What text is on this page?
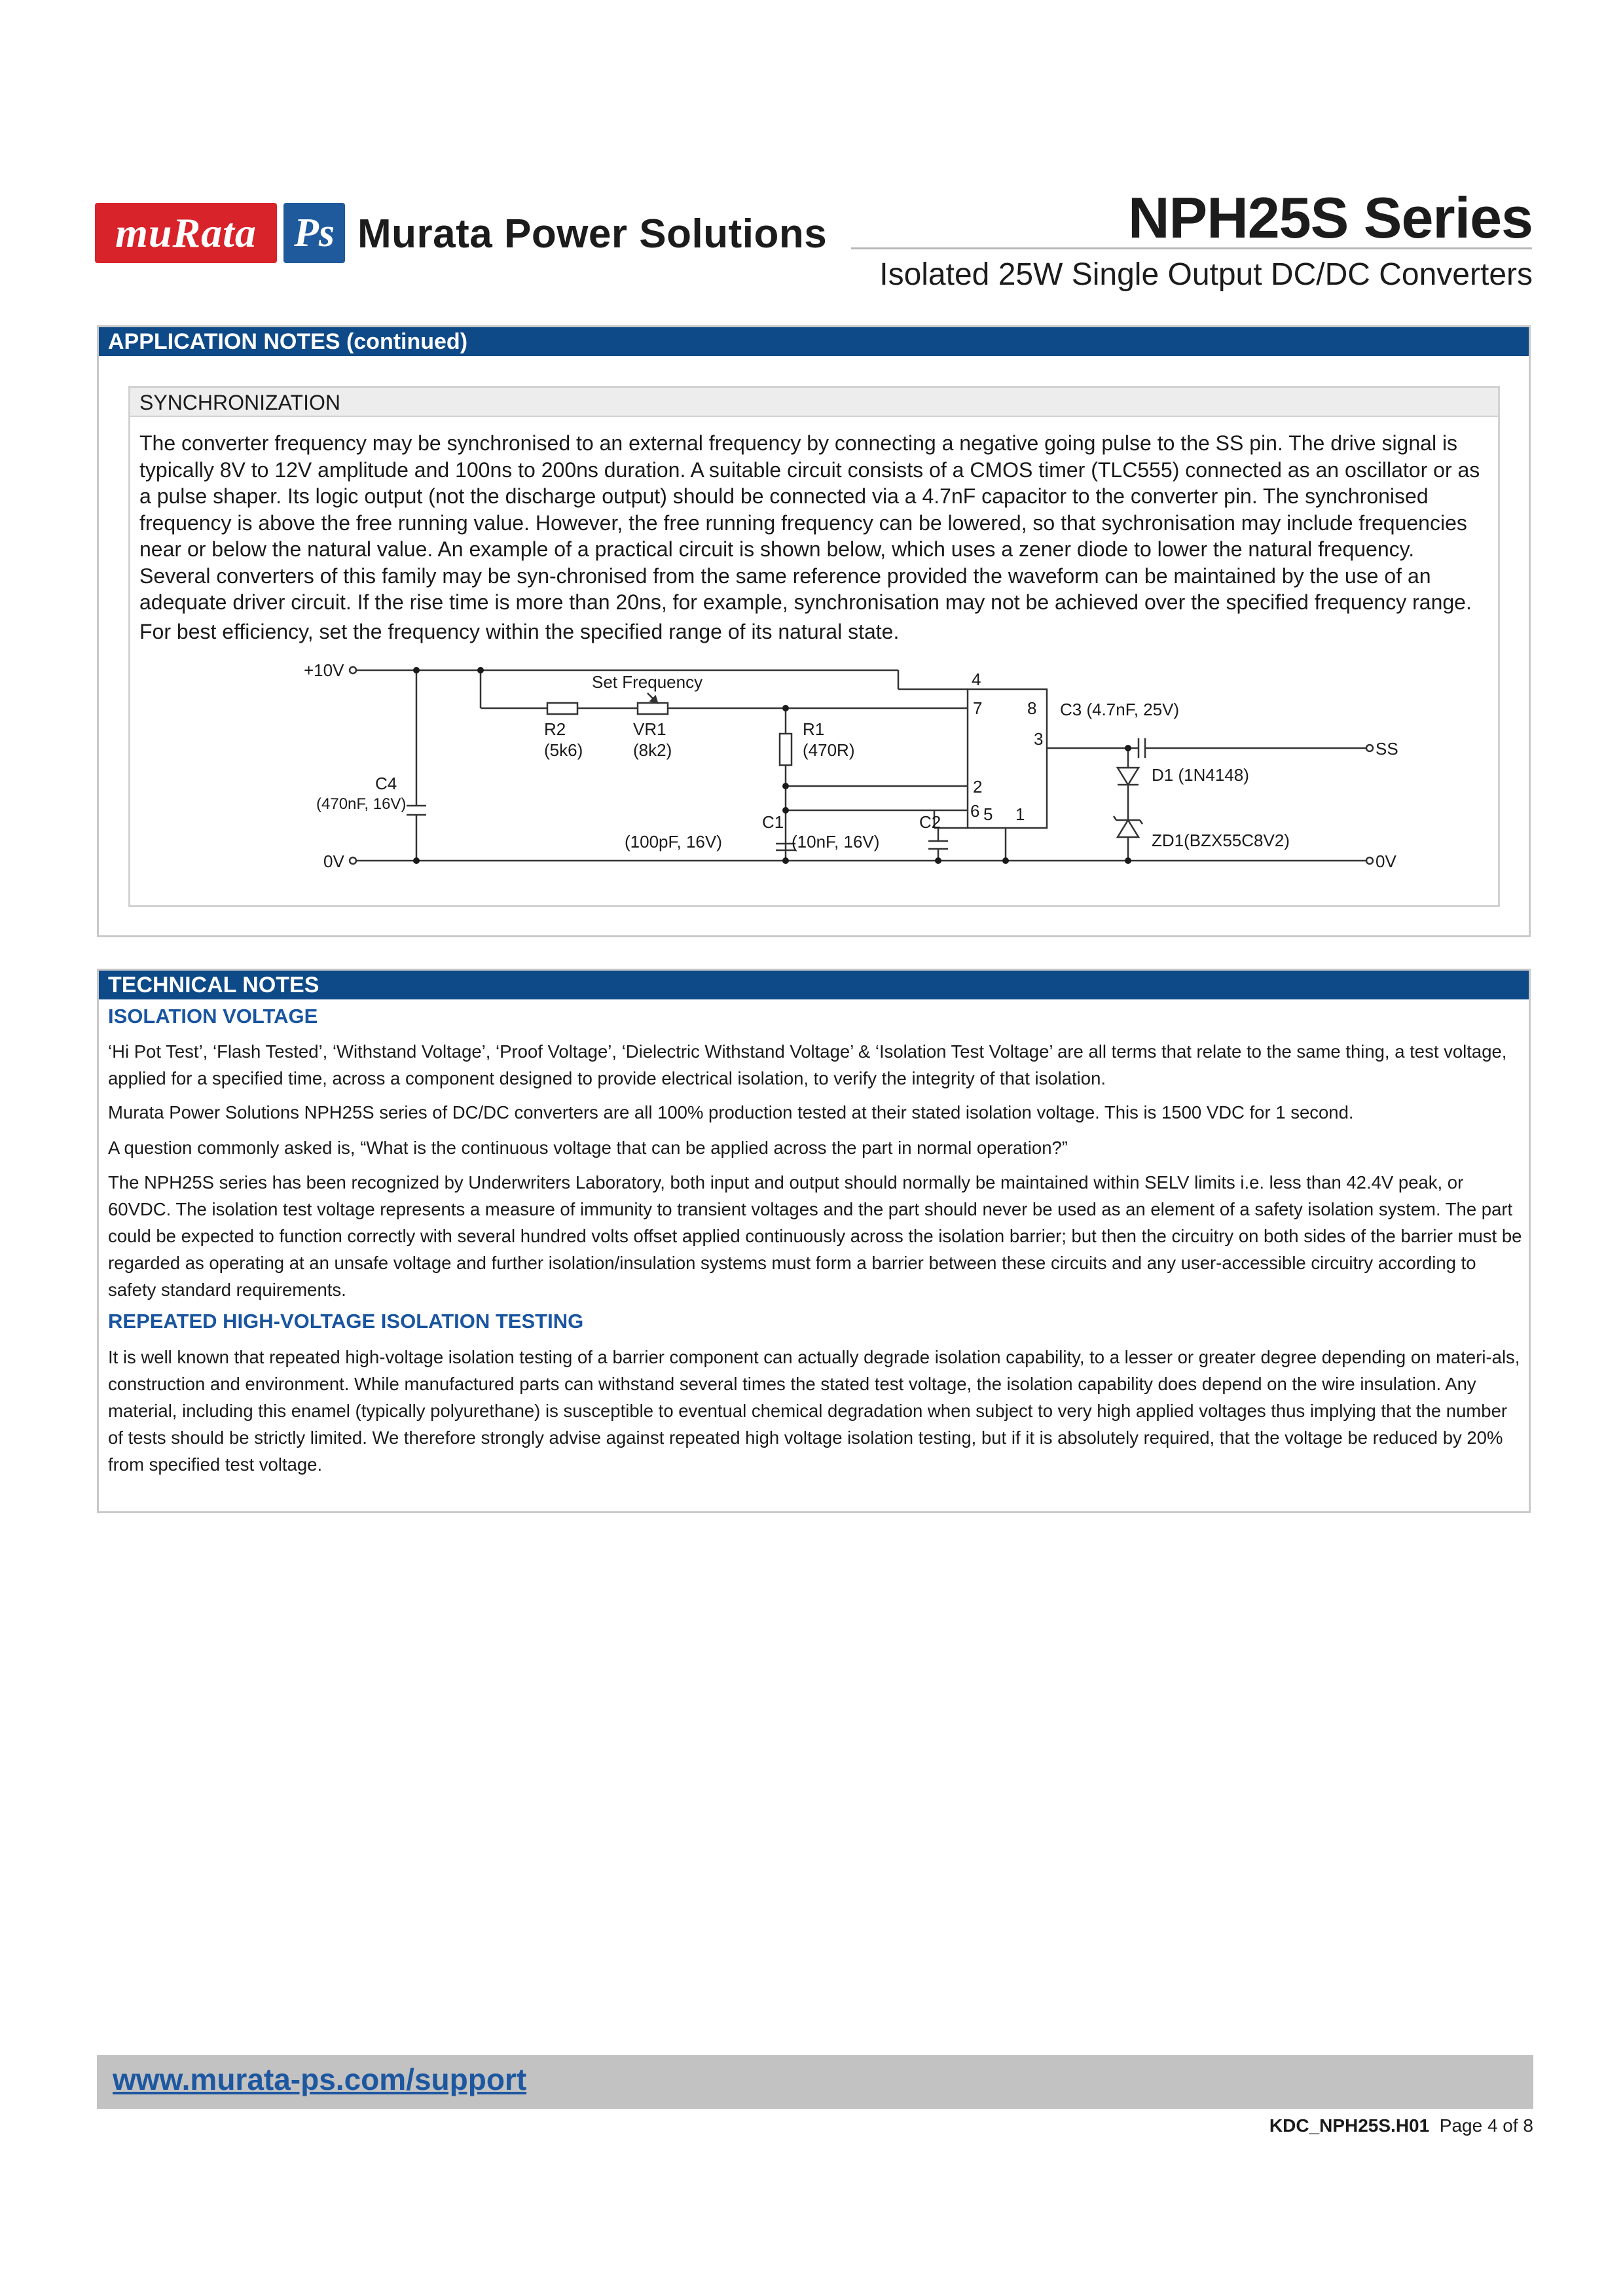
muRata Ps Murata Power Solutions	NPH25S Series
Isolated 25W Single Output DC/DC Converters
APPLICATION NOTES (continued)
SYNCHRONIZATION

The converter frequency may be synchronised to an external frequency by connecting a negative going pulse to the SS pin. The drive signal is typically 8V to 12V amplitude and 100ns to 200ns duration. A suitable circuit consists of a CMOS timer (TLC555) connected as an oscillator or as a pulse shaper. Its logic output (not the discharge output) should be connected via a 4.7nF capacitor to the converter pin. The synchronised frequency is above the free running value. However, the free running frequency can be lowered, so that sychronisation may include frequencies near or below the natural value. An example of a practical circuit is shown below, which uses a zener diode to lower the natural frequency. Several converters of this family may be syn-chronised from the same reference provided the waveform can be maintained by the use of an adequate driver circuit. If the rise time is more than 20ns, for example, synchronisation may not be achieved over the specified frequency range.

For best efficiency, set the frequency within the specified range of its natural state.

+10V
0V
Set Frequency
R2
(5k6)
VR1
(8k2)
R1
(470R)
C4
(470nF, 16V)
C1
(100pF, 16V)
C2
(10nF, 16V)
C3 (4.7nF, 25V)
D1 (1N4148)
ZD1(BZX55C8V2)
SS
0V
4
7	8
3
2
6 5 1
TECHNICAL NOTES
ISOLATION VOLTAGE

‘Hi Pot Test’, ‘Flash Tested’, ‘Withstand Voltage’, ‘Proof Voltage’, ‘Dielectric Withstand Voltage’ & ‘Isolation Test Voltage’ are all terms that relate to the same thing, a test voltage, applied for a specified time, across a component designed to provide electrical isolation, to verify the integrity of that isolation.

Murata Power Solutions NPH25S series of DC/DC converters are all 100% production tested at their stated isolation voltage. This is 1500 VDC for 1 second.

A question commonly asked is, “What is the continuous voltage that can be applied across the part in normal operation?”

The NPH25S series has been recognized by Underwriters Laboratory, both input and output should normally be maintained within SELV limits i.e. less than 42.4V peak, or 60VDC. The isolation test voltage represents a measure of immunity to transient voltages and the part should never be used as an element of a safety isolation system. The part could be expected to function correctly with several hundred volts offset applied continuously across the isolation barrier; but then the circuitry on both sides of the barrier must be regarded as operating at an unsafe voltage and further isolation/insulation systems must form a barrier between these circuits and any user-accessible circuitry according to safety standard requirements.

REPEATED HIGH-VOLTAGE ISOLATION TESTING

It is well known that repeated high-voltage isolation testing of a barrier component can actually degrade isolation capability, to a lesser or greater degree depending on materi-als, construction and environment. While manufactured parts can withstand several times the stated test voltage, the isolation capability does depend on the wire insulation. Any material, including this enamel (typically polyurethane) is susceptible to eventual chemical degradation when subject to very high applied voltages thus implying that the number of tests should be strictly limited. We therefore strongly advise against repeated high voltage isolation testing, but if it is absolutely required, that the voltage be reduced by 20% from specified test voltage.

www.murata-ps.com/support
KDC_NPH25S.H01 Page 4 of 8
